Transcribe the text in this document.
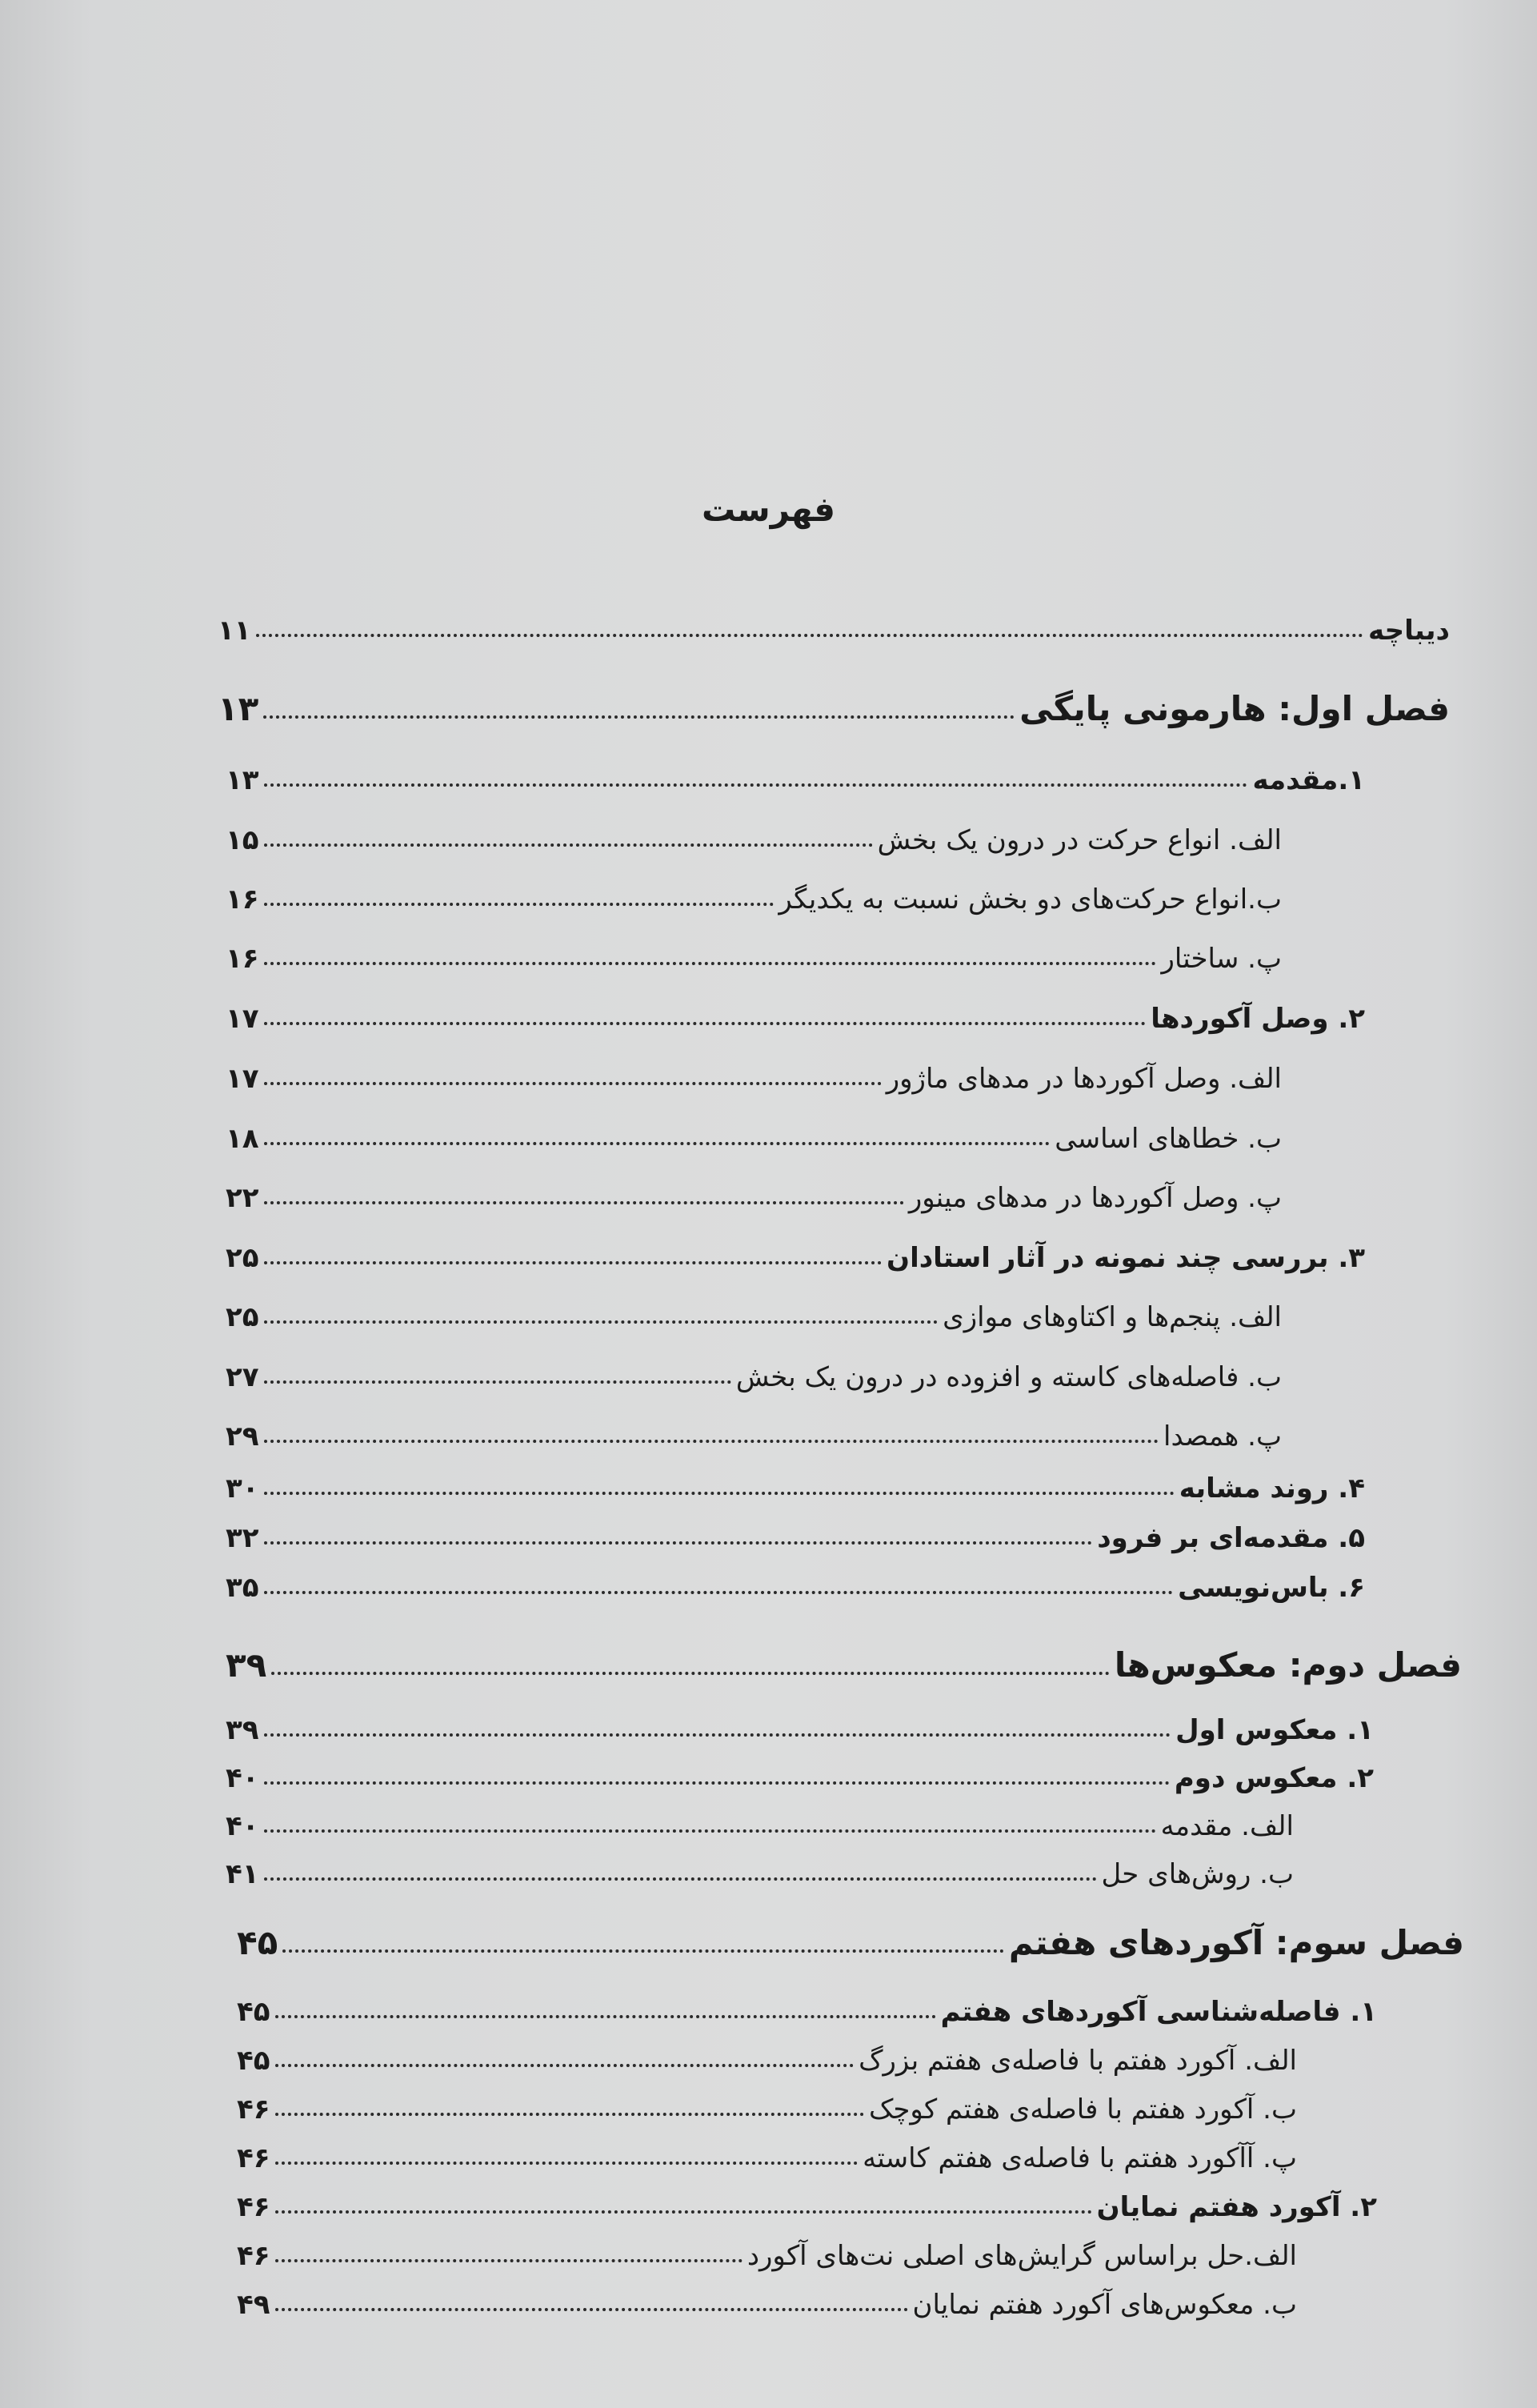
فهرست
دیباچه
۱۱
فصل اول: هارمونی پایگی
۱۳
۱.مقدمه
۱۳
الف. انواع حرکت در درون یک بخش
۱۵
ب.انواع حرکت‌های دو بخش نسبت به یکدیگر
۱۶
پ. ساختار
۱۶
۲. وصل آکوردها
۱۷
الف. وصل آکوردها در مدهای ماژور
۱۷
ب. خطاهای اساسی
۱۸
پ. وصل آکوردها در مدهای مینور
۲۲
۳. بررسی چند نمونه در آثار استادان
۲۵
الف. پنجم‌ها و اکتاوهای موازی
۲۵
ب. فاصله‌های کاسته و افزوده در درون یک بخش
۲۷
پ. همصدا
۲۹
۴. روند مشابه
۳۰
۵. مقدمه‌ای بر فرود
۳۲
۶. باس‌نویسی
۳۵
فصل دوم: معکوس‌ها
۳۹
۱. معکوس اول
۳۹
۲. معکوس دوم
۴۰
الف. مقدمه
۴۰
ب. روش‌های حل
۴۱
فصل سوم: آکوردهای هفتم
۴۵
۱. فاصله‌شناسی آکوردهای هفتم
۴۵
الف. آکورد هفتم با فاصله‌ی هفتم بزرگ
۴۵
ب. آکورد هفتم با فاصله‌ی هفتم کوچک
۴۶
پ. آآکورد هفتم با فاصله‌ی هفتم کاسته
۴۶
۲. آکورد هفتم نمایان
۴۶
الف.حل براساس گرایش‌های اصلی نت‌های آکورد
۴۶
ب. معکوس‌های آکورد هفتم نمایان
۴۹
